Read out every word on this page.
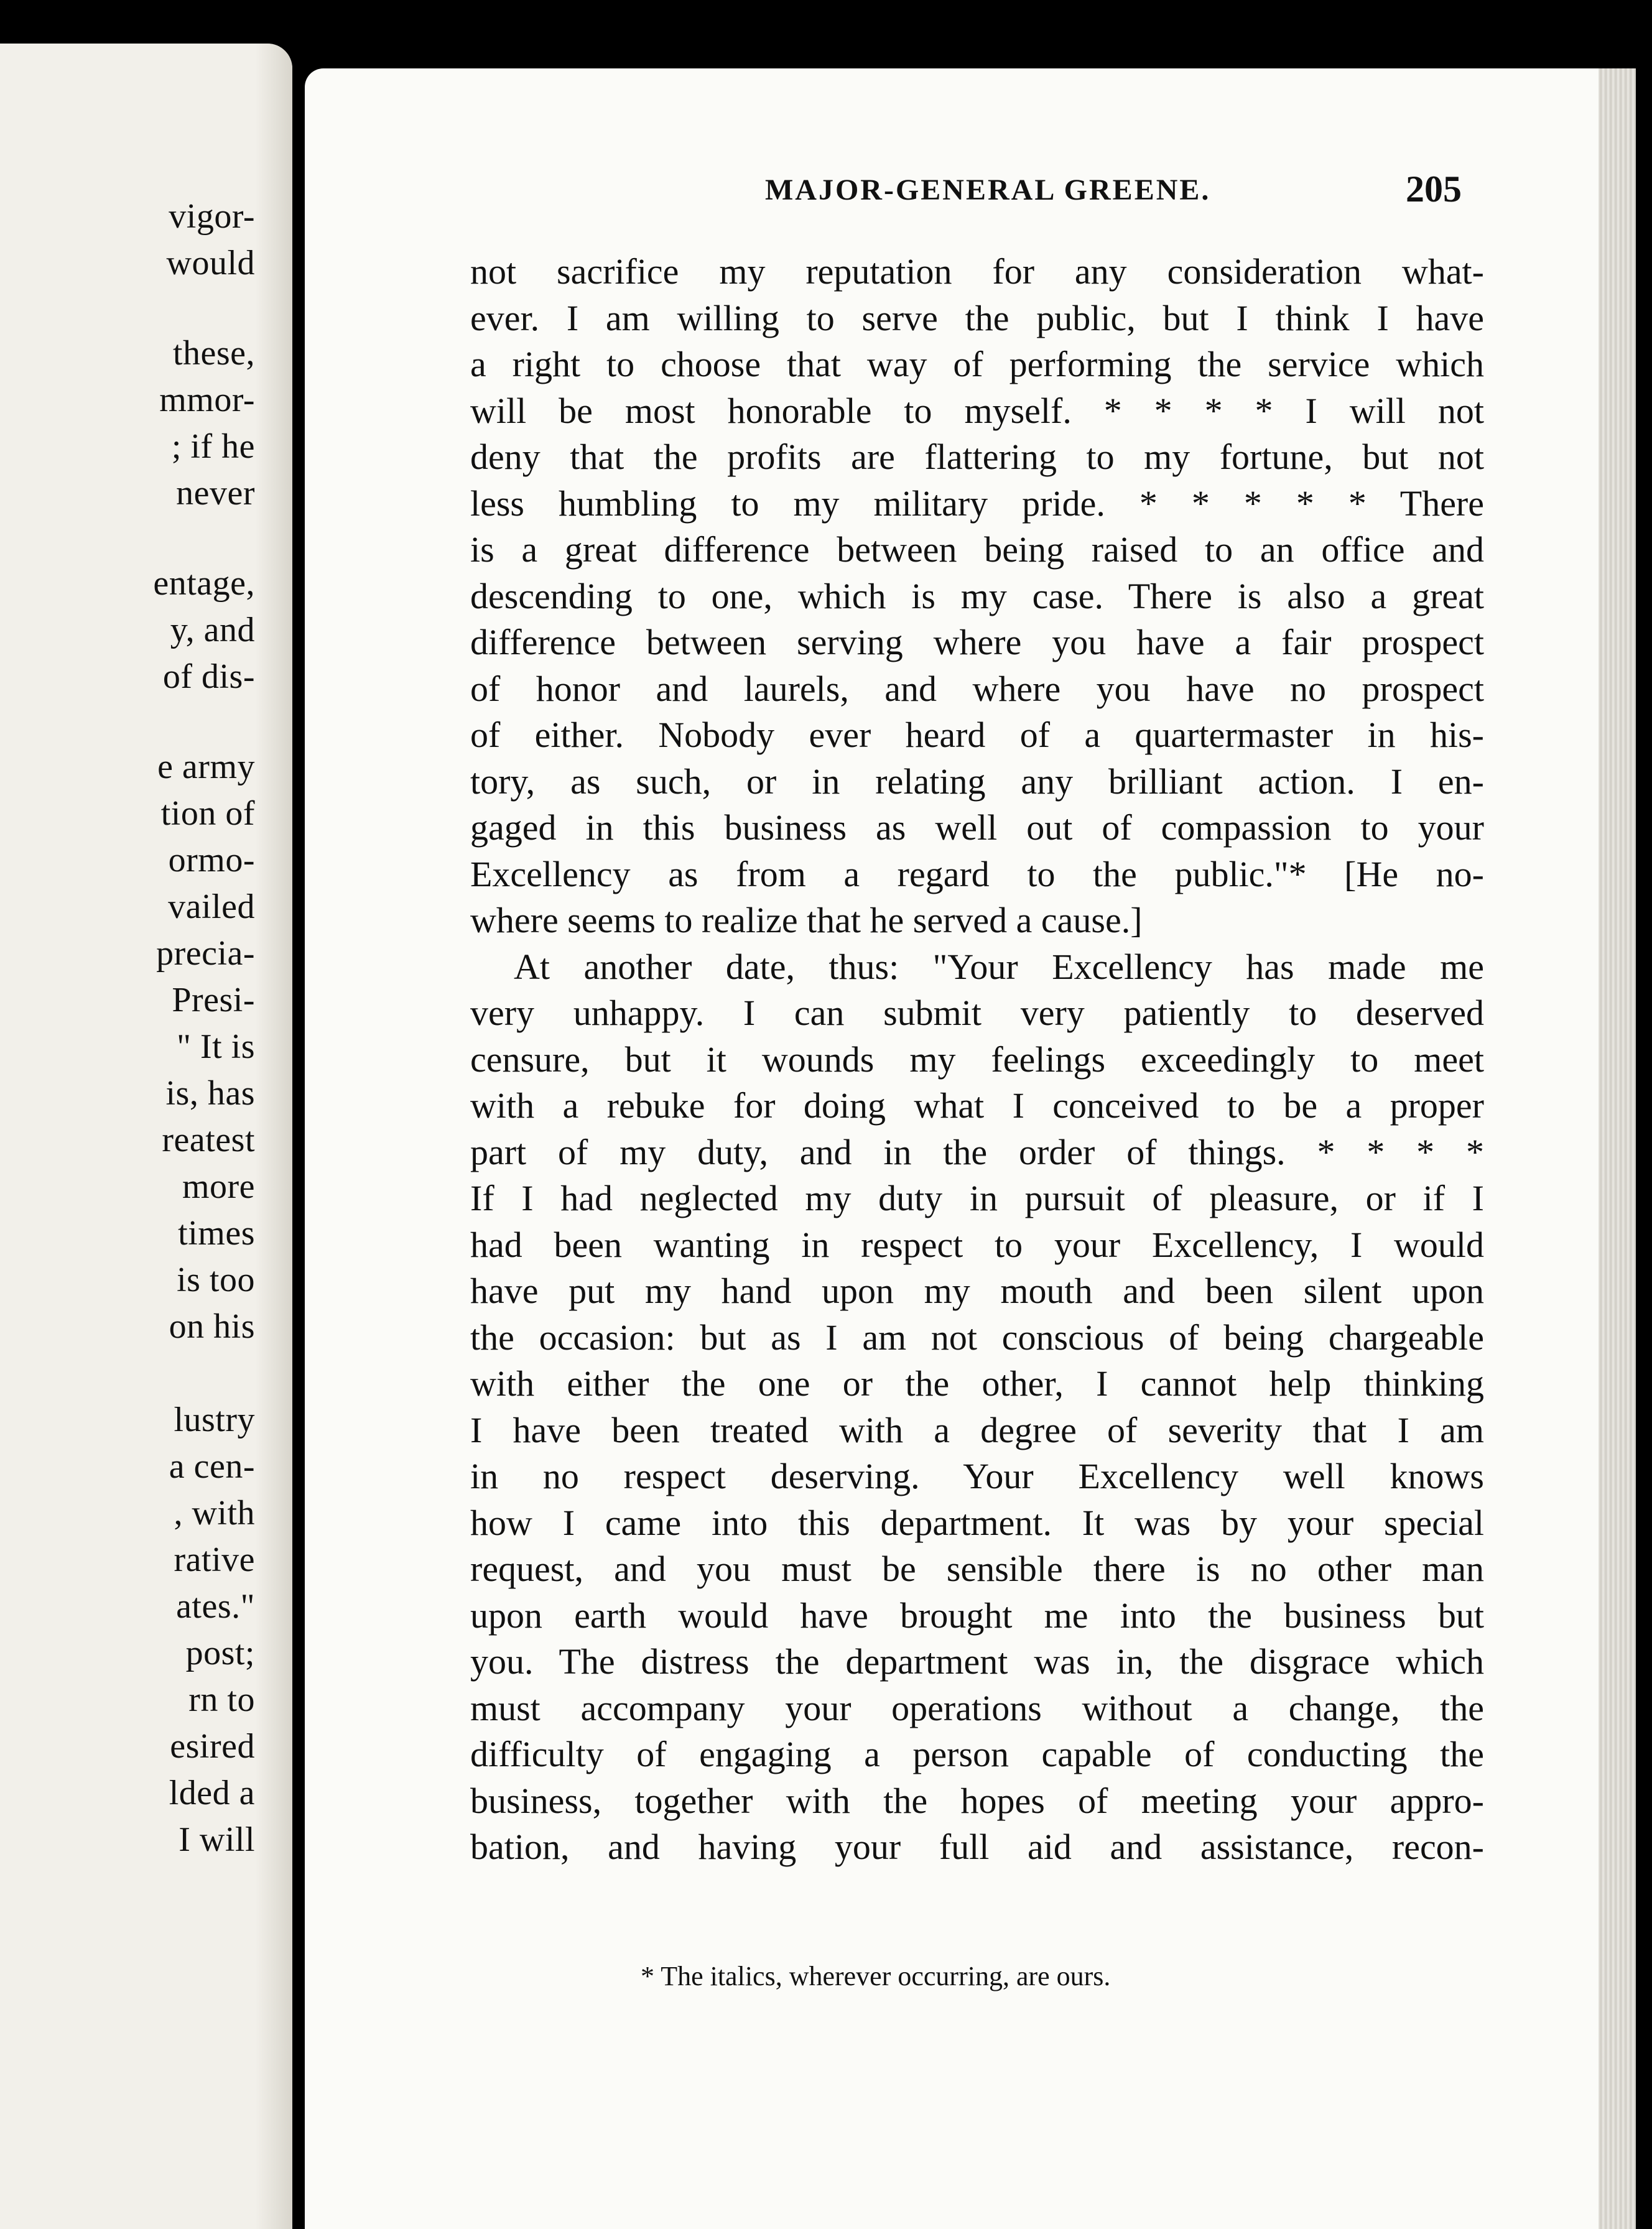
vigor-
would
these,
mmor-
; if he
never
entage,
y, and
of dis-
e army
tion of
ormo-
vailed
precia-
Presi-
" It is
is, has
reatest
more
times
is too
on his
lustry
a cen-
, with
rative
ates."
post;
rn to
esired
lded a
I will
MAJOR-GENERAL GREENE.	205
not sacrifice my reputation for any consideration what-
ever. I am willing to serve the public, but I think I have
a right to choose that way of performing the service which
will be most honorable to myself. * * * * I will not
deny that the profits are flattering to my fortune, but not
less humbling to my military pride. * * * * * There
is a great difference between being raised to an office and
descending to one, which is my case. There is also a great
difference between serving where you have a fair prospect
of honor and laurels, and where you have no prospect
of either. Nobody ever heard of a quartermaster in his-
tory, as such, or in relating any brilliant action. I en-
gaged in this business as well out of compassion to your
Excellency as from a regard to the public."* [He no-
where seems to realize that he served a cause.]
At another date, thus: "Your Excellency has made me
very unhappy. I can submit very patiently to deserved
censure, but it wounds my feelings exceedingly to meet
with a rebuke for doing what I conceived to be a proper
part of my duty, and in the order of things. * * * *
If I had neglected my duty in pursuit of pleasure, or if I
had been wanting in respect to your Excellency, I would
have put my hand upon my mouth and been silent upon
the occasion: but as I am not conscious of being chargeable
with either the one or the other, I cannot help thinking
I have been treated with a degree of severity that I am
in no respect deserving. Your Excellency well knows
how I came into this department. It was by your special
request, and you must be sensible there is no other man
upon earth would have brought me into the business but
you. The distress the department was in, the disgrace which
must accompany your operations without a change, the
difficulty of engaging a person capable of conducting the
business, together with the hopes of meeting your appro-
bation, and having your full aid and assistance, recon-
* The italics, wherever occurring, are ours.
